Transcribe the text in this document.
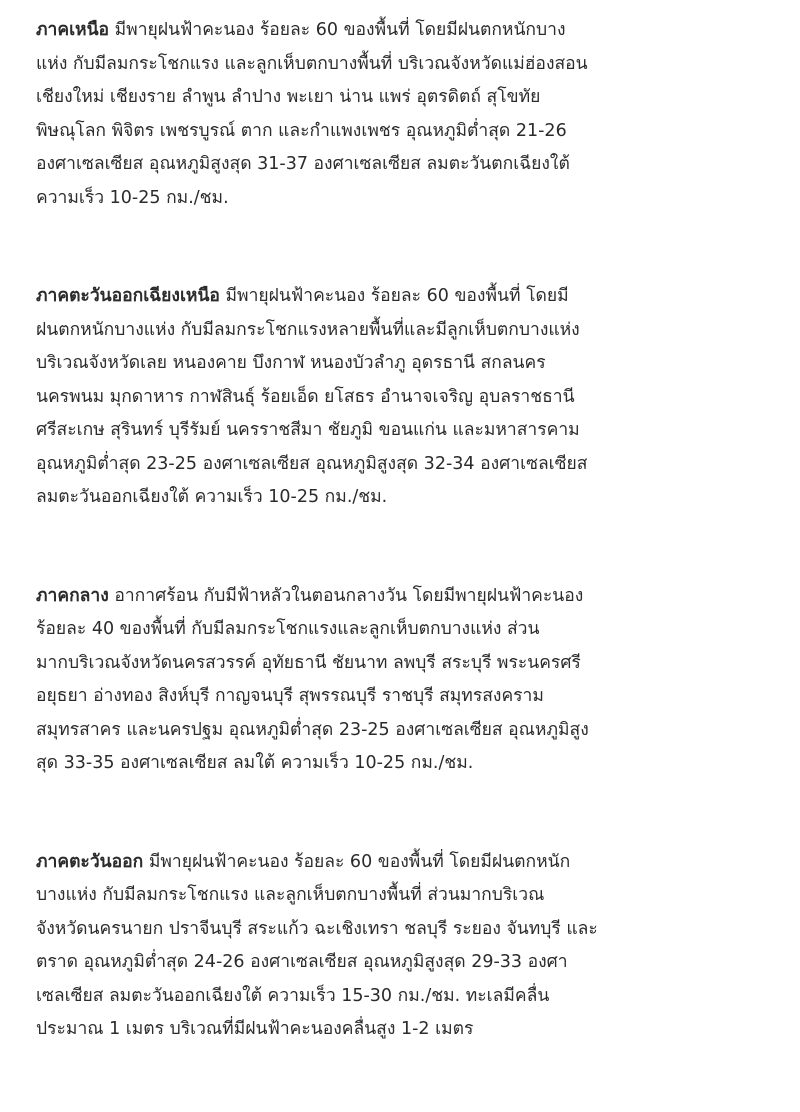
ภาคเหนือ มีพายุฝนฟ้าคะนอง ร้อยละ 60 ของพื้นที่ โดยมีฝนตกหนักบาง
แห่ง กับมีลมกระโชกแรง และลูกเห็บตกบางพื้นที่ บริเวณจังหวัดแม่ฮ่องสอน
เชียงใหม่ เชียงราย ลำพูน ลำปาง พะเยา น่าน แพร่ อุตรดิตถ์ สุโขทัย
พิษณุโลก พิจิตร เพชรบูรณ์ ตาก และกำแพงเพชร อุณหภูมิต่ำสุด 21-26
องศาเซลเซียส อุณหภูมิสูงสุด 31-37 องศาเซลเซียส ลมตะวันตกเฉียงใต้
ความเร็ว 10-25 กม./ชม.

ภาคตะวันออกเฉียงเหนือ มีพายุฝนฟ้าคะนอง ร้อยละ 60 ของพื้นที่ โดยมี
ฝนตกหนักบางแห่ง กับมีลมกระโชกแรงหลายพื้นที่และมีลูกเห็บตกบางแห่ง
บริเวณจังหวัดเลย หนองคาย บึงกาฬ หนองบัวลำภู อุดรธานี สกลนคร
นครพนม มุกดาหาร กาฬสินธุ์ ร้อยเอ็ด ยโสธร อำนาจเจริญ อุบลราชธานี
ศรีสะเกษ สุรินทร์ บุรีรัมย์ นครราชสีมา ชัยภูมิ ขอนแก่น และมหาสารคาม
อุณหภูมิต่ำสุด 23-25 องศาเซลเซียส อุณหภูมิสูงสุด 32-34 องศาเซลเซียส
ลมตะวันออกเฉียงใต้ ความเร็ว 10-25 กม./ชม.

ภาคกลาง อากาศร้อน กับมีฟ้าหลัวในตอนกลางวัน โดยมีพายุฝนฟ้าคะนอง
ร้อยละ 40 ของพื้นที่ กับมีลมกระโชกแรงและลูกเห็บตกบางแห่ง ส่วน
มากบริเวณจังหวัดนครสวรรค์ อุทัยธานี ชัยนาท ลพบุรี สระบุรี พระนครศรี
อยุธยา อ่างทอง สิงห์บุรี กาญจนบุรี สุพรรณบุรี ราชบุรี สมุทรสงคราม
สมุทรสาคร และนครปฐม อุณหภูมิต่ำสุด 23-25 องศาเซลเซียส อุณหภูมิสูง
สุด 33-35 องศาเซลเซียส ลมใต้ ความเร็ว 10-25 กม./ชม.

ภาคตะวันออก มีพายุฝนฟ้าคะนอง ร้อยละ 60 ของพื้นที่ โดยมีฝนตกหนัก
บางแห่ง กับมีลมกระโชกแรง และลูกเห็บตกบางพื้นที่ ส่วนมากบริเวณ
จังหวัดนครนายก ปราจีนบุรี สระแก้ว ฉะเชิงเทรา ชลบุรี ระยอง จันทบุรี และ
ตราด อุณหภูมิต่ำสุด 24-26 องศาเซลเซียส อุณหภูมิสูงสุด 29-33 องศา
เซลเซียส ลมตะวันออกเฉียงใต้ ความเร็ว 15-30 กม./ชม. ทะเลมีคลื่น
ประมาณ 1 เมตร บริเวณที่มีฝนฟ้าคะนองคลื่นสูง 1-2 เมตร
